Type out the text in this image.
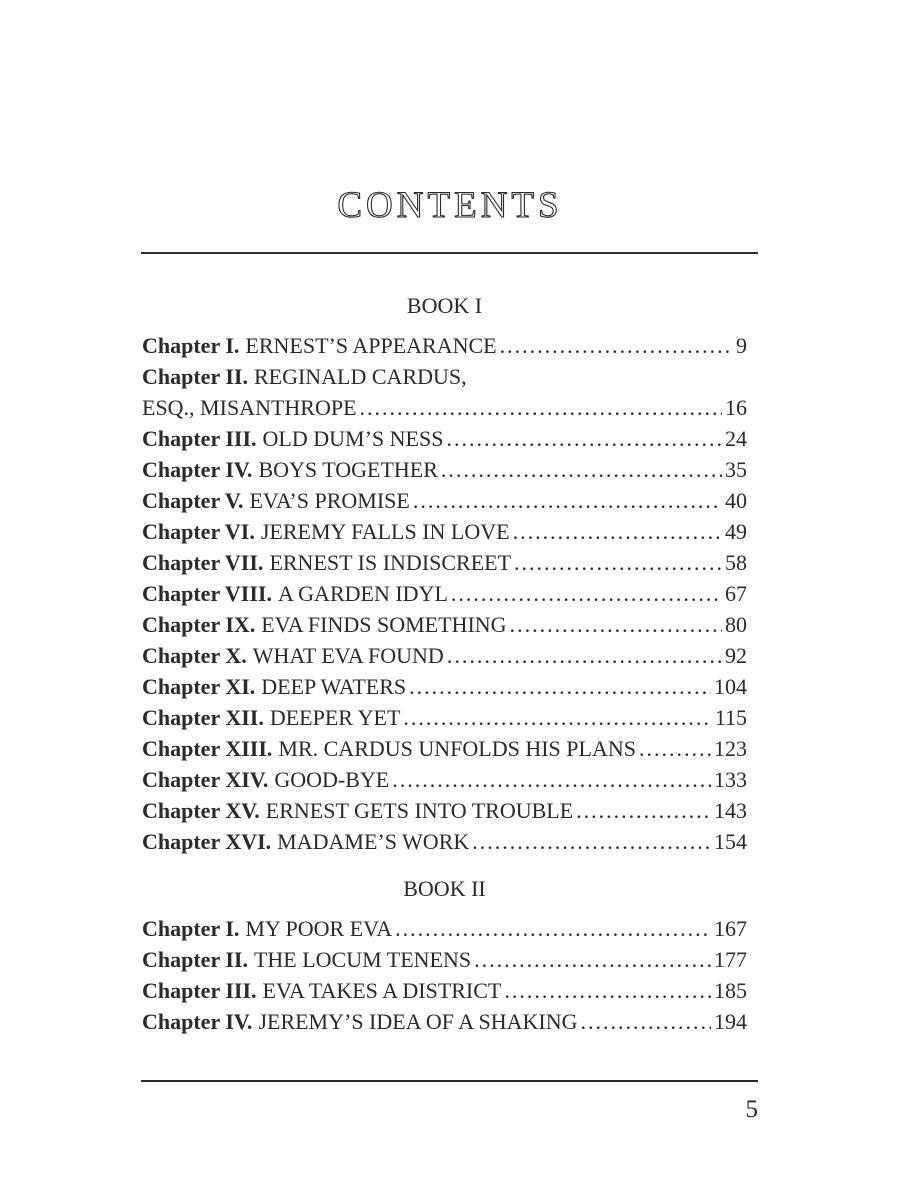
CONTENTS
BOOK I
Chapter I. ERNEST’S APPEARANCE .....	9
Chapter II. REGINALD CARDUS,
ESQ., MISANTHROPE .....	16
Chapter III. OLD DUM’S NESS .....	24
Chapter IV. BOYS TOGETHER .....	35
Chapter V. EVA’S PROMISE .....	40
Chapter VI. JEREMY FALLS IN LOVE .....	49
Chapter VII. ERNEST IS INDISCREET .....	58
Chapter VIII. A GARDEN IDYL .....	67
Chapter IX. EVA FINDS SOMETHING .....	80
Chapter X. WHAT EVA FOUND .....	92
Chapter XI. DEEP WATERS .....	104
Chapter XII. DEEPER YET .....	115
Chapter XIII. MR. CARDUS UNFOLDS HIS PLANS .....	123
Chapter XIV. GOOD-BYE .....	133
Chapter XV. ERNEST GETS INTO TROUBLE .....	143
Chapter XVI. MADAME’S WORK .....	154
BOOK II
Chapter I. MY POOR EVA .....	167
Chapter II. THE LOCUM TENENS .....	177
Chapter III. EVA TAKES A DISTRICT .....	185
Chapter IV. JEREMY’S IDEA OF A SHAKING .....	194
5
